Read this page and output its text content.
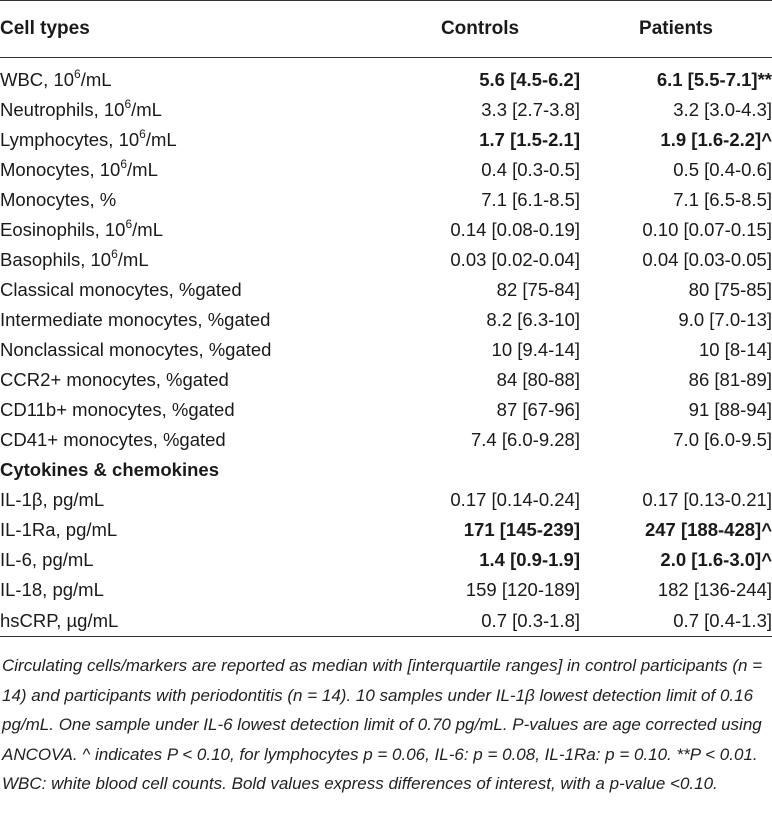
Cell types	Controls	Patients

WBC, $10^6/mL$	5.6 [4.5-6.2]	6.1 [5.5-7.1]**
Neutrophils, $10^6/mL$	3.3 [2.7-3.8]	3.2 [3.0-4.3]
Lymphocytes, $10^6/mL$	1.7 [1.5-2.1]	1.9 [1.6-2.2]^
Monocytes, $10^6/mL$	0.4 [0.3-0.5]	0.5 [0.4-0.6]
Monocytes, %	7.1 [6.1-8.5]	7.1 [6.5-8.5]
Eosinophils, $10^6/mL$	0.14 [0.08-0.19]	0.10 [0.07-0.15]
Basophils, $10^6/mL$	0.03 [0.02-0.04]	0.04 [0.03-0.05]
Classical monocytes, %gated	82 [75-84]	80 [75-85]
Intermediate monocytes, %gated	8.2 [6.3-10]	9.0 [7.0-13]
Nonclassical monocytes, %gated	10 [9.4-14]	10 [8-14]
CCR2+ monocytes, %gated	84 [80-88]	86 [81-89]
CD11b+ monocytes, %gated	87 [67-96]	91 [88-94]
CD41+ monocytes, %gated	7.4 [6.0-9.28]	7.0 [6.0-9.5]
Cytokines & chemokines		
IL-1β, pg/mL	0.17 [0.14-0.24]	0.17 [0.13-0.21]
IL-1Ra, pg/mL	171 [145-239]	247 [188-428]^
IL-6, pg/mL	1.4 [0.9-1.9]	2.0 [1.6-3.0]^
IL-18, pg/mL	159 [120-189]	182 [136-244]
hsCRP, µg/mL	0.7 [0.3-1.8]	0.7 [0.4-1.3]
Circulating cells/markers are reported as median with [interquartile ranges] in control participants (n = 14) and participants with periodontitis (n = 14). 10 samples under IL-1β lowest detection limit of 0.16 pg/mL. One sample under IL-6 lowest detection limit of 0.70 pg/mL. P-values are age corrected using ANCOVA. ^ indicates P < 0.10, for lymphocytes p = 0.06, IL-6: p = 0.08, IL-1Ra: p = 0.10. **P < 0.01. WBC: white blood cell counts. Bold values express differences of interest, with a p-value <0.10.
